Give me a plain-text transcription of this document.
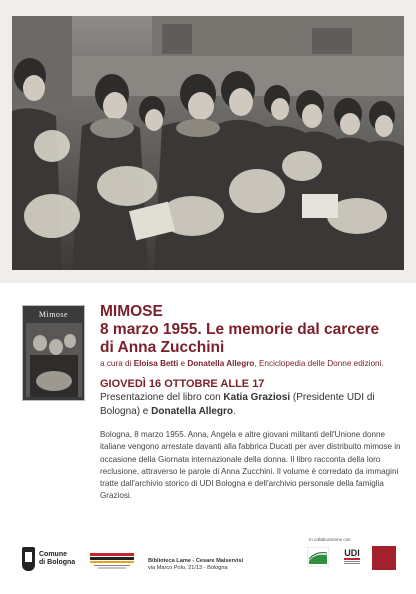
Mimose	MIMOSE
8 marzo 1955. Le memorie dal carcere
di Anna Zucchini
a cura di Eloisa Betti e Donatella Allegro, Enciclopedia delle Donne edizioni.
GIOVEDÌ 16 OTTOBRE ALLE 17
Presentazione del libro con Katia Graziosi (Presidente UDI di Bologna) e Donatella Allegro.
Bologna, 8 marzo 1955. Anna, Angela e altre giovani militanti dell'Unione donne italiane vengono arrestate davanti alla fabbrica Ducati per aver distribuito mimose in occasione della Giornata internazionale della donna. Il libro racconta della loro reclusione, attraverso le parole di Anna Zucchini. Il volume è corredato da immagini tratte dall'archivio storico di UDI Bologna e dell'archivio personale della famiglia Graziosi.
Comune
di Bologna	Biblioteca Lame - Cesare Malservisi
via Marco Polo, 21/13 - Bologna
In collaborazione con
UDI
